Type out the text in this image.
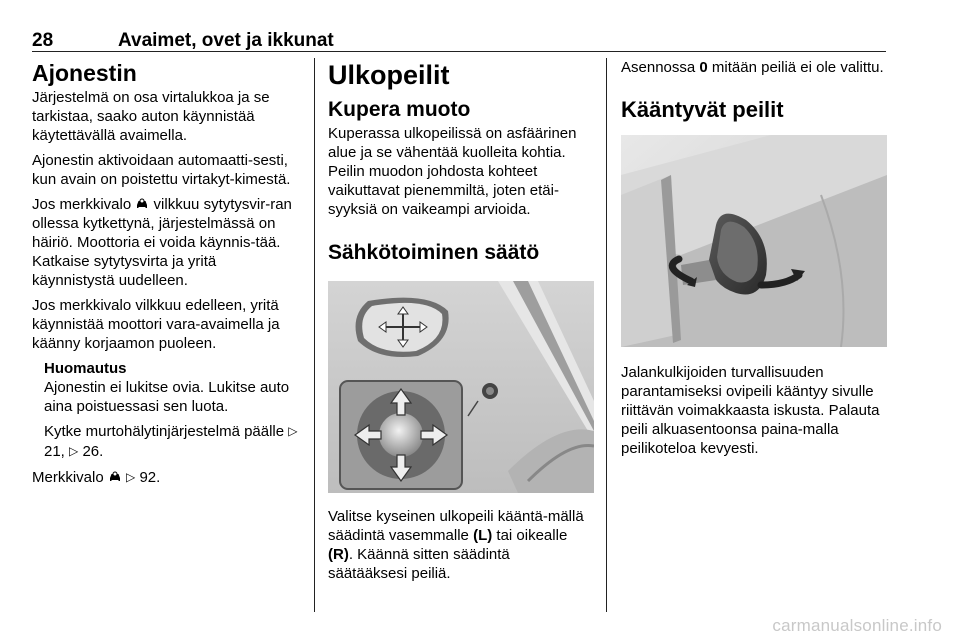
28	Avaimet, ovet ja ikkunat
Ajonestin

Järjestelmä on osa virtalukkoa ja se tarkistaa, saako auton käynnistää käytettävällä avaimella.

Ajonestin aktivoidaan automaatti-sesti, kun avain on poistettu virtakyt-kimestä.

Jos merkkivalo vilkkuu sytytysvir-ran ollessa kytkettynä, järjestelmässä on häiriö. Moottoria ei voida käynnis-tää. Katkaise sytytysvirta ja yritä käynnistystä uudelleen.

Jos merkkivalo vilkkuu edelleen, yritä käynnistää moottori vara-avaimella ja käänny korjaamon puoleen.

Huomautus

Ajonestin ei lukitse ovia. Lukitse auto aina poistuessasi sen luota.

Kytke murtohälytinjärjestelmä päälle ▷ 21, ▷ 26.

Merkkivalo ▷ 92.

Ulkopeilit
Kupera muoto

Kuperassa ulkopeilissä on asfäärinen alue ja se vähentää kuolleita kohtia. Peilin muodon johdosta kohteet vaikuttavat pienemmiltä, joten etäi-syyksiä on vaikeampi arvioida.

Sähkötoiminen säätö

Valitse kyseinen ulkopeili kääntä-mällä säädintä vasemmalle (L) tai oikealle (R). Käännä sitten säädintä säätääksesi peiliä.

Asennossa 0 mitään peiliä ei ole valittu.

Kääntyvät peilit

Jalankulkijoiden turvallisuuden parantamiseksi ovipeili kääntyy sivulle riittävän voimakkaasta iskusta. Palauta peili alkuasentoonsa paina-malla peilikoteloa kevyesti.

carmanualsonline.info
